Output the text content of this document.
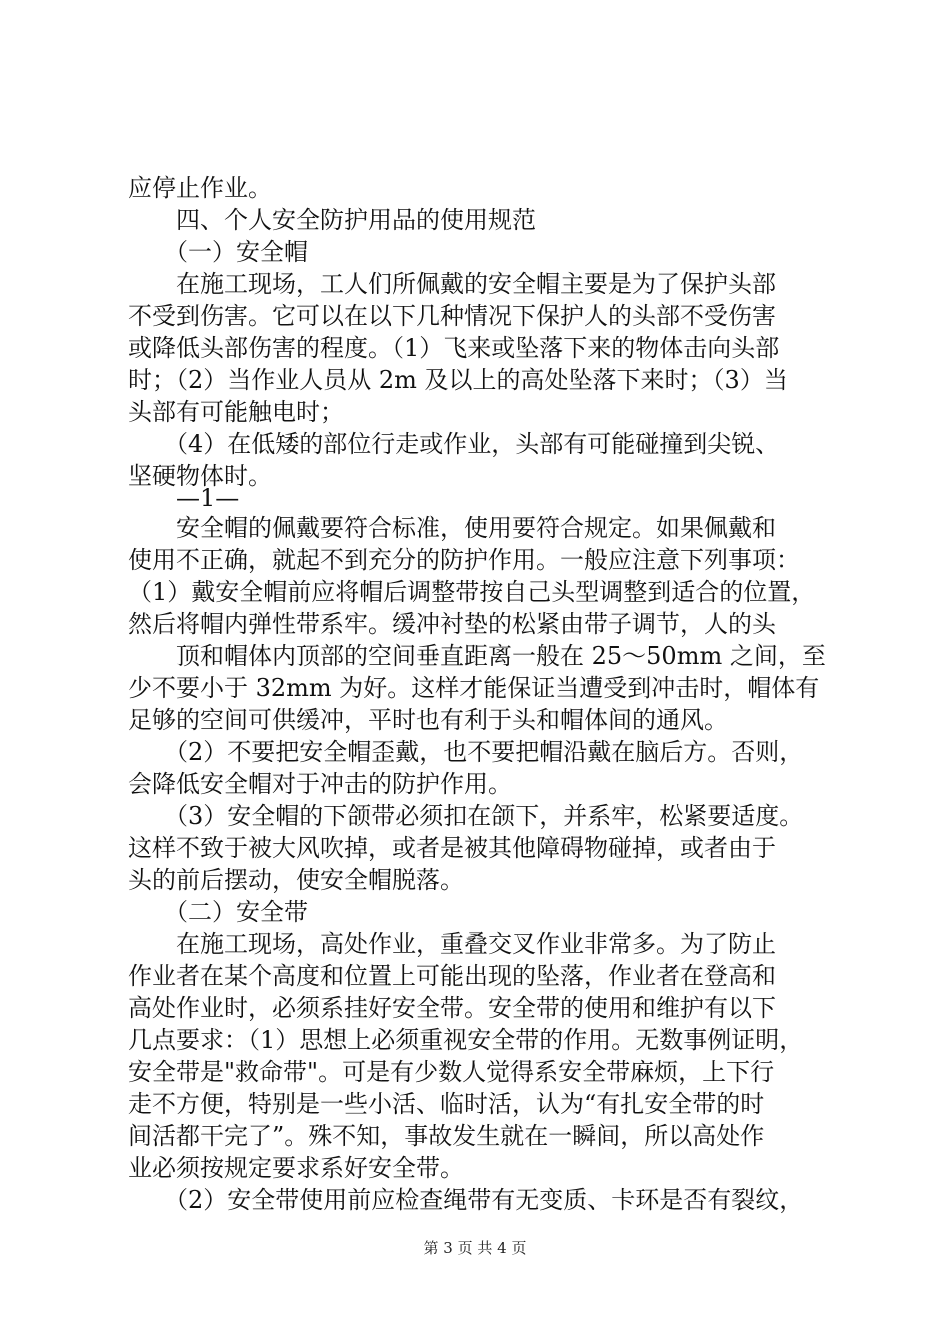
应停止作业。
　　四、个人安全防护用品的使用规范
　　（一）安全帽
　　在施工现场，工人们所佩戴的安全帽主要是为了保护头部
不受到伤害。它可以在以下几种情况下保护人的头部不受伤害
或降低头部伤害的程度。（1）飞来或坠落下来的物体击向头部
时；（2）当作业人员从 2m 及以上的高处坠落下来时；（3）当
头部有可能触电时；
　　（4）在低矮的部位行走或作业，头部有可能碰撞到尖锐、
坚硬物体时。
　　—1—
　　安全帽的佩戴要符合标准，使用要符合规定。如果佩戴和
使用不正确，就起不到充分的防护作用。一般应注意下列事项：
（1）戴安全帽前应将帽后调整带按自己头型调整到适合的位置，
然后将帽内弹性带系牢。缓冲衬垫的松紧由带子调节，人的头
　　顶和帽体内顶部的空间垂直距离一般在 25～50mm 之间，至
少不要小于 32mm 为好。这样才能保证当遭受到冲击时，帽体有
足够的空间可供缓冲，平时也有利于头和帽体间的通风。
　　（2）不要把安全帽歪戴，也不要把帽沿戴在脑后方。否则，
会降低安全帽对于冲击的防护作用。
　　（3）安全帽的下颌带必须扣在颌下，并系牢，松紧要适度。
这样不致于被大风吹掉，或者是被其他障碍物碰掉，或者由于
头的前后摆动，使安全帽脱落。
　　（二）安全带
　　在施工现场，高处作业，重叠交叉作业非常多。为了防止
作业者在某个高度和位置上可能出现的坠落，作业者在登高和
高处作业时，必须系挂好安全带。安全带的使用和维护有以下
几点要求：（1）思想上必须重视安全带的作用。无数事例证明，
安全带是"救命带"。可是有少数人觉得系安全带麻烦，上下行
走不方便，特别是一些小活、临时活，认为“有扎安全带的时
间活都干完了”。殊不知，事故发生就在一瞬间，所以高处作
业必须按规定要求系好安全带。
　　（2）安全带使用前应检查绳带有无变质、卡环是否有裂纹，
第 3 页 共 4 页
